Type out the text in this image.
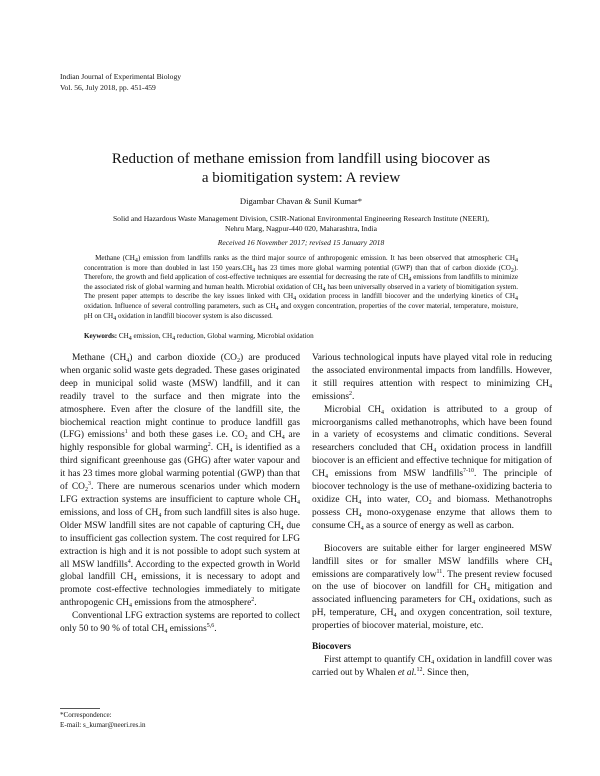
Indian Journal of Experimental Biology
Vol. 56, July 2018, pp. 451-459
Reduction of methane emission from landfill using biocover as
a biomitigation system: A review
Digambar Chavan & Sunil Kumar*
Solid and Hazardous Waste Management Division, CSIR-National Environmental Engineering Research Institute (NEERI),
Nehru Marg, Nagpur-440 020, Maharashtra, India
Received 16 November 2017; revised 15 January 2018
Methane $(CH_4)$ emission from landfills ranks as the third major source of anthropogenic emission. It has been observed that atmospheric $CH_4$ concentration is more than doubled in last 150 $years.CH_4$ has 23 times more global warming potential (GWP) than that of carbon dioxide $(CO_2)$. Therefore, the growth and field application of cost-effective techniques are essential for decreasing the rate of $CH_4$ emissions from landfills to minimize the associated risk of global warming and human health. Microbial oxidation of $CH_4$ has been universally observed in a variety of biomitigation system. The present paper attempts to describe the key issues linked with $CH_4$ oxidation process in landfill biocover and the underlying kinetics of $CH_4$ oxidation. Influence of several controlling parameters, such as $CH_4$ and oxygen concentration, properties of the cover material, temperature, moisture, pH on $CH_4$ oxidation in landfill biocover system is also discussed.
Keywords: $CH_4$ emission, $CH_4$ reduction, Global warming, Microbial oxidation

Methane $(CH_4)$ and carbon dioxide $(CO_2)$ are produced when organic solid waste gets degraded. These gases originated deep in municipal solid waste (MSW) landfill, and it can readily travel to the surface and then migrate into the atmosphere. Even after the closure of the landfill site, the biochemical reaction might continue to produce landfill gas (LFG) emissions$^1$ and both these gases i.e. $CO_2$ and $CH_4$ are highly responsible for global warming$^2$. $CH_4$ is identified as a third significant greenhouse gas (GHG) after water vapour and it has 23 times more global warming potential (GWP) than that of $CO_2^3$. There are numerous scenarios under which modern LFG extraction systems are insufficient to capture whole $CH_4$ emissions, and loss of $CH_4$ from such landfill sites is also huge. Older MSW landfill sites are not capable of capturing $CH_4$ due to insufficient gas collection system. The cost required for LFG extraction is high and it is not possible to adopt such system at all MSW landfills$^4$. According to the expected growth in World global landfill $CH_4$ emissions, it is necessary to adopt and promote cost-effective technologies immediately to mitigate anthropogenic $CH_4$ emissions from the atmosphere$^2$.

Conventional LFG extraction systems are reported to collect only 50 to 90 % of total $CH_4$ emissions$^{5,6}$.

Various technological inputs have played vital role in reducing the associated environmental impacts from landfills. However, it still requires attention with respect to minimizing $CH_4$ emissions$^2$.

Microbial $CH_4$ oxidation is attributed to a group of microorganisms called methanotrophs, which have been found in a variety of ecosystems and climatic conditions. Several researchers concluded that $CH_4$ oxidation process in landfill biocover is an efficient and effective technique for mitigation of $CH_4$ emissions from MSW landfills$^{7-10}$. The principle of biocover technology is the use of methane-oxidizing bacteria to oxidize $CH_4$ into water, $CO_2$ and biomass. Methanotrophs possess $CH_4$ mono-oxygenase enzyme that allows them to consume $CH_4$ as a source of energy as well as carbon.

Biocovers are suitable either for larger engineered MSW landfill sites or for smaller MSW landfills where $CH_4$ emissions are comparatively low$^{11}$. The present review focused on the use of biocover on landfill for $CH_4$ mitigation and associated influencing parameters for $CH_4$ oxidations, such as pH, temperature, $CH_4$ and oxygen concentration, soil texture, properties of biocover material, moisture, etc.

Biocovers

First attempt to quantify $CH_4$ oxidation in landfill cover was carried out by Whalen et al.$^{12}$. Since then,

*Correspondence:
E-mail: s_kumar@neeri.res.in
